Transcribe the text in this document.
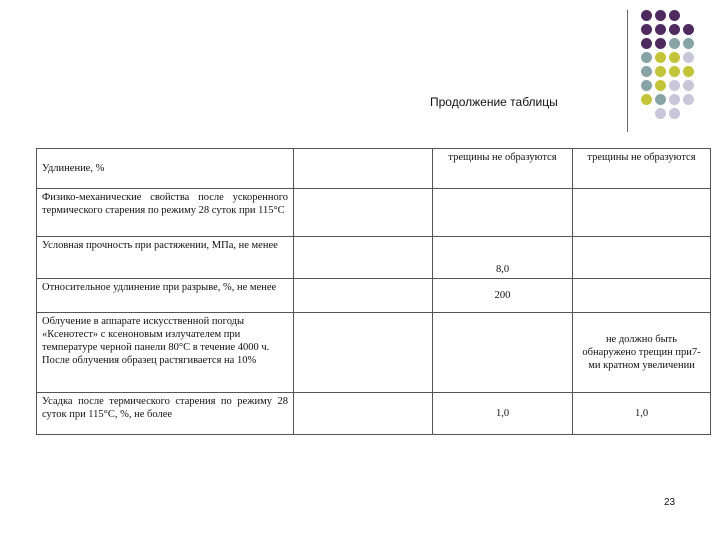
Продолжение таблицы
Удлинение, %		трещины не образуются	трещины не образуются
Физико-механические свойства после ускоренного термического старения по режиму 28 суток при 115°С			
Условная прочность при растяжении, МПа, не менее		8,0	
Относительное удлинение при разрыве, %, не менее		200	
Облучение в аппарате искусственной погоды «Ксенотест» с ксеноновым излучателем при температуре черной панели 80°С в течение 4000 ч. После облучения образец растягивается на 10%			не должно быть обнаружено трещин при7-ми кратном увеличении
Усадка после термического старения по режиму 28 суток при 115°С, %, не более		1,0	1,0
23
